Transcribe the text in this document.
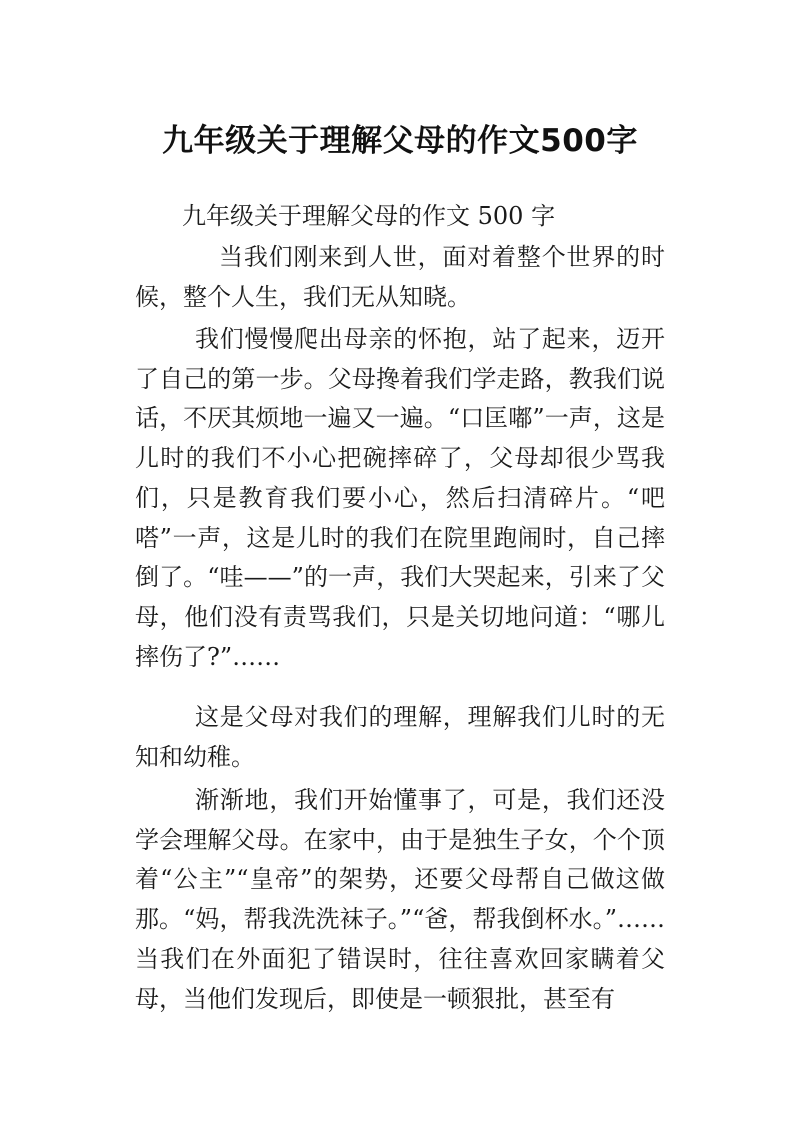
九年级关于理解父母的作文500字
九年级关于理解父母的作文 500 字

当我们刚来到人世，面对着整个世界的时候，整个人生，我们无从知晓。

我们慢慢爬出母亲的怀抱，站了起来，迈开了自己的第一步。父母搀着我们学走路，教我们说话，不厌其烦地一遍又一遍。“口匡嘟”一声，这是儿时的我们不小心把碗摔碎了，父母却很少骂我们，只是教育我们要小心，然后扫清碎片。“吧嗒”一声，这是儿时的我们在院里跑闹时，自己摔倒了。“哇——”的一声，我们大哭起来，引来了父母，他们没有责骂我们，只是关切地问道：“哪儿摔伤了?”……

这是父母对我们的理解，理解我们儿时的无知和幼稚。

渐渐地，我们开始懂事了，可是，我们还没学会理解父母。在家中，由于是独生子女，个个顶着“公主”“皇帝”的架势，还要父母帮自己做这做那。“妈，帮我洗洗袜子。”“爸，帮我倒杯水。”……当我们在外面犯了错误时，往往喜欢回家瞒着父母，当他们发现后，即使是一顿狠批，甚至有
